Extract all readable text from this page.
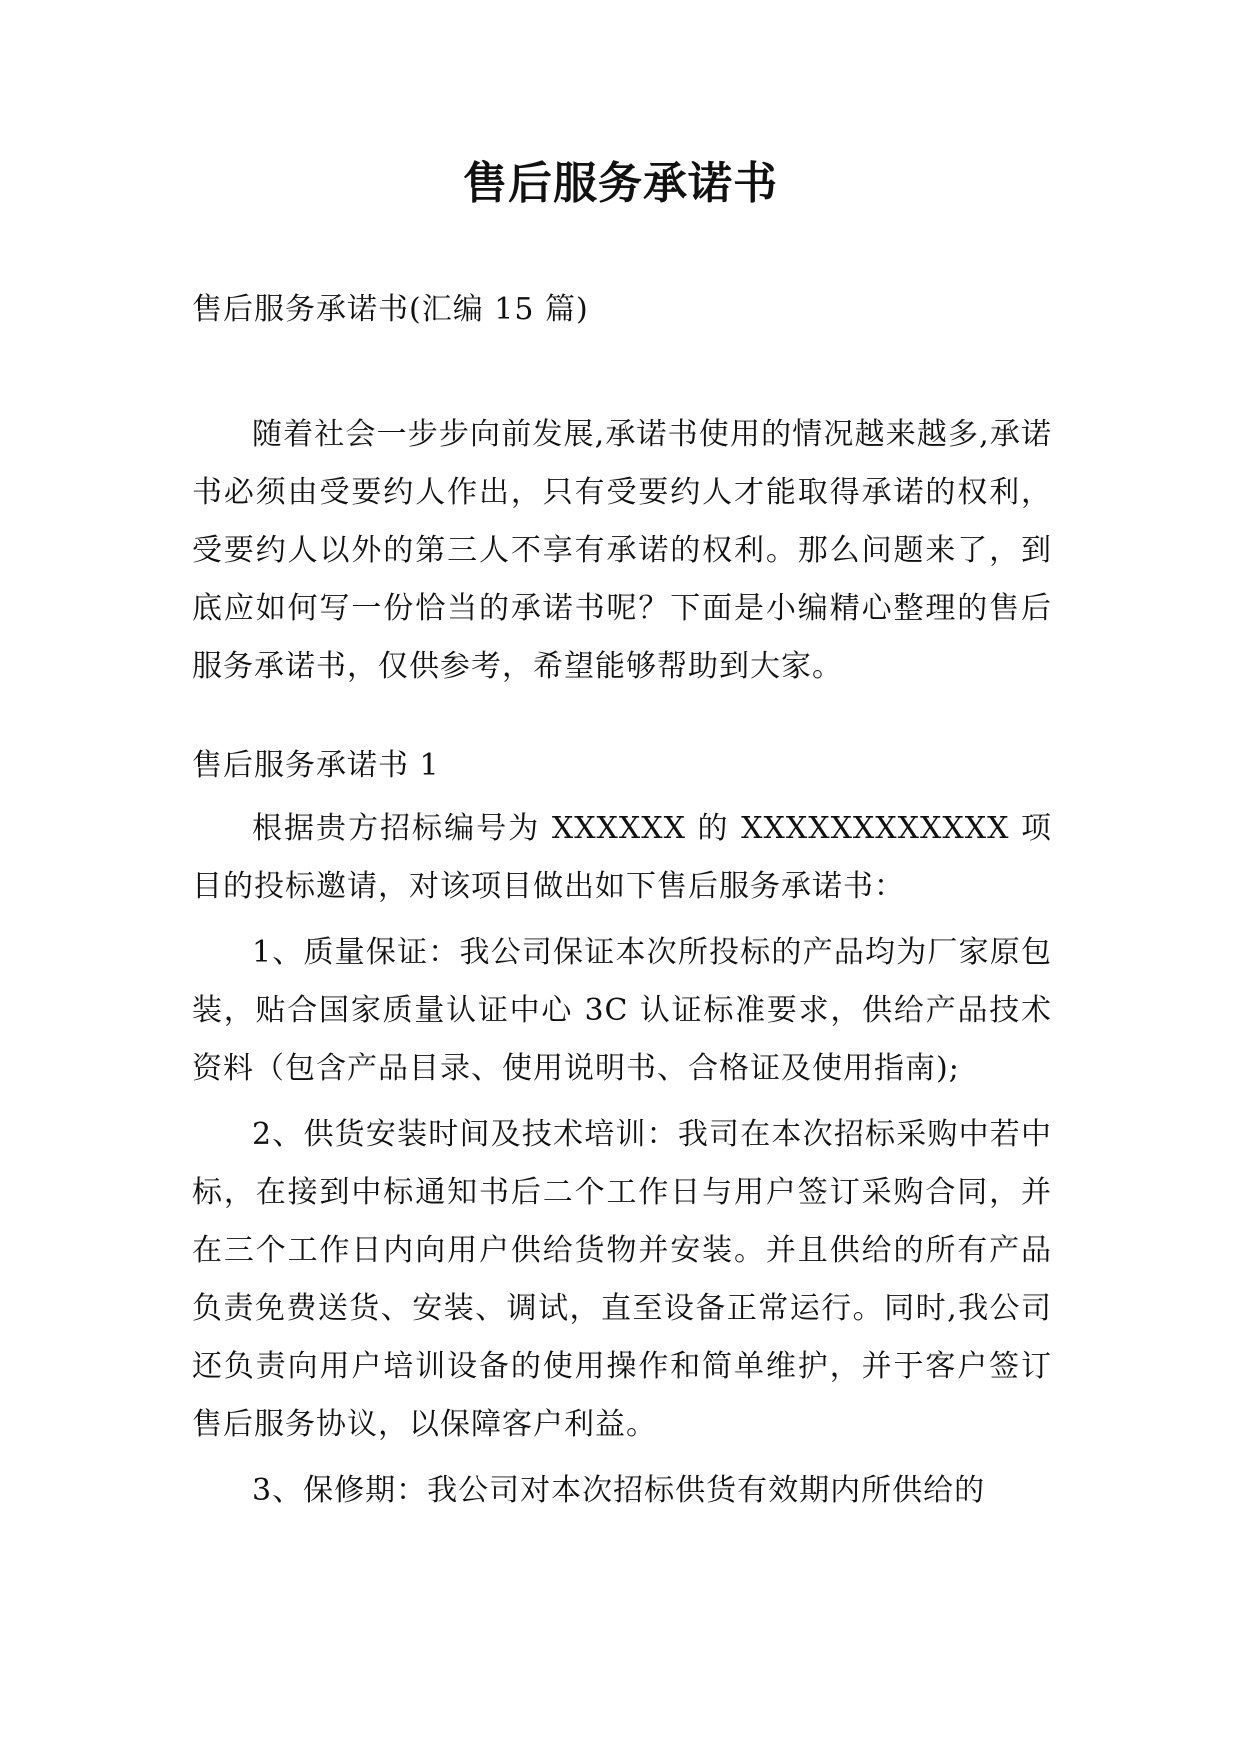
售后服务承诺书

售后服务承诺书(汇编 15 篇)

随着社会一步步向前发展,承诺书使用的情况越来越多,承诺书必须由受要约人作出，只有受要约人才能取得承诺的权利，受要约人以外的第三人不享有承诺的权利。那么问题来了，到底应如何写一份恰当的承诺书呢？下面是小编精心整理的售后服务承诺书，仅供参考，希望能够帮助到大家。

售后服务承诺书 1

根据贵方招标编号为 XXXXXX 的 XXXXXXXXXXXX 项目的投标邀请，对该项目做出如下售后服务承诺书：

1、质量保证：我公司保证本次所投标的产品均为厂家原包装，贴合国家质量认证中心 3C 认证标准要求，供给产品技术资料（包含产品目录、使用说明书、合格证及使用指南);

2、供货安装时间及技术培训：我司在本次招标采购中若中标，在接到中标通知书后二个工作日与用户签订采购合同，并在三个工作日内向用户供给货物并安装。并且供给的所有产品负责免费送货、安装、调试，直至设备正常运行。同时,我公司还负责向用户培训设备的使用操作和简单维护，并于客户签订售后服务协议，以保障客户利益。

3、保修期：我公司对本次招标供货有效期内所供给的
